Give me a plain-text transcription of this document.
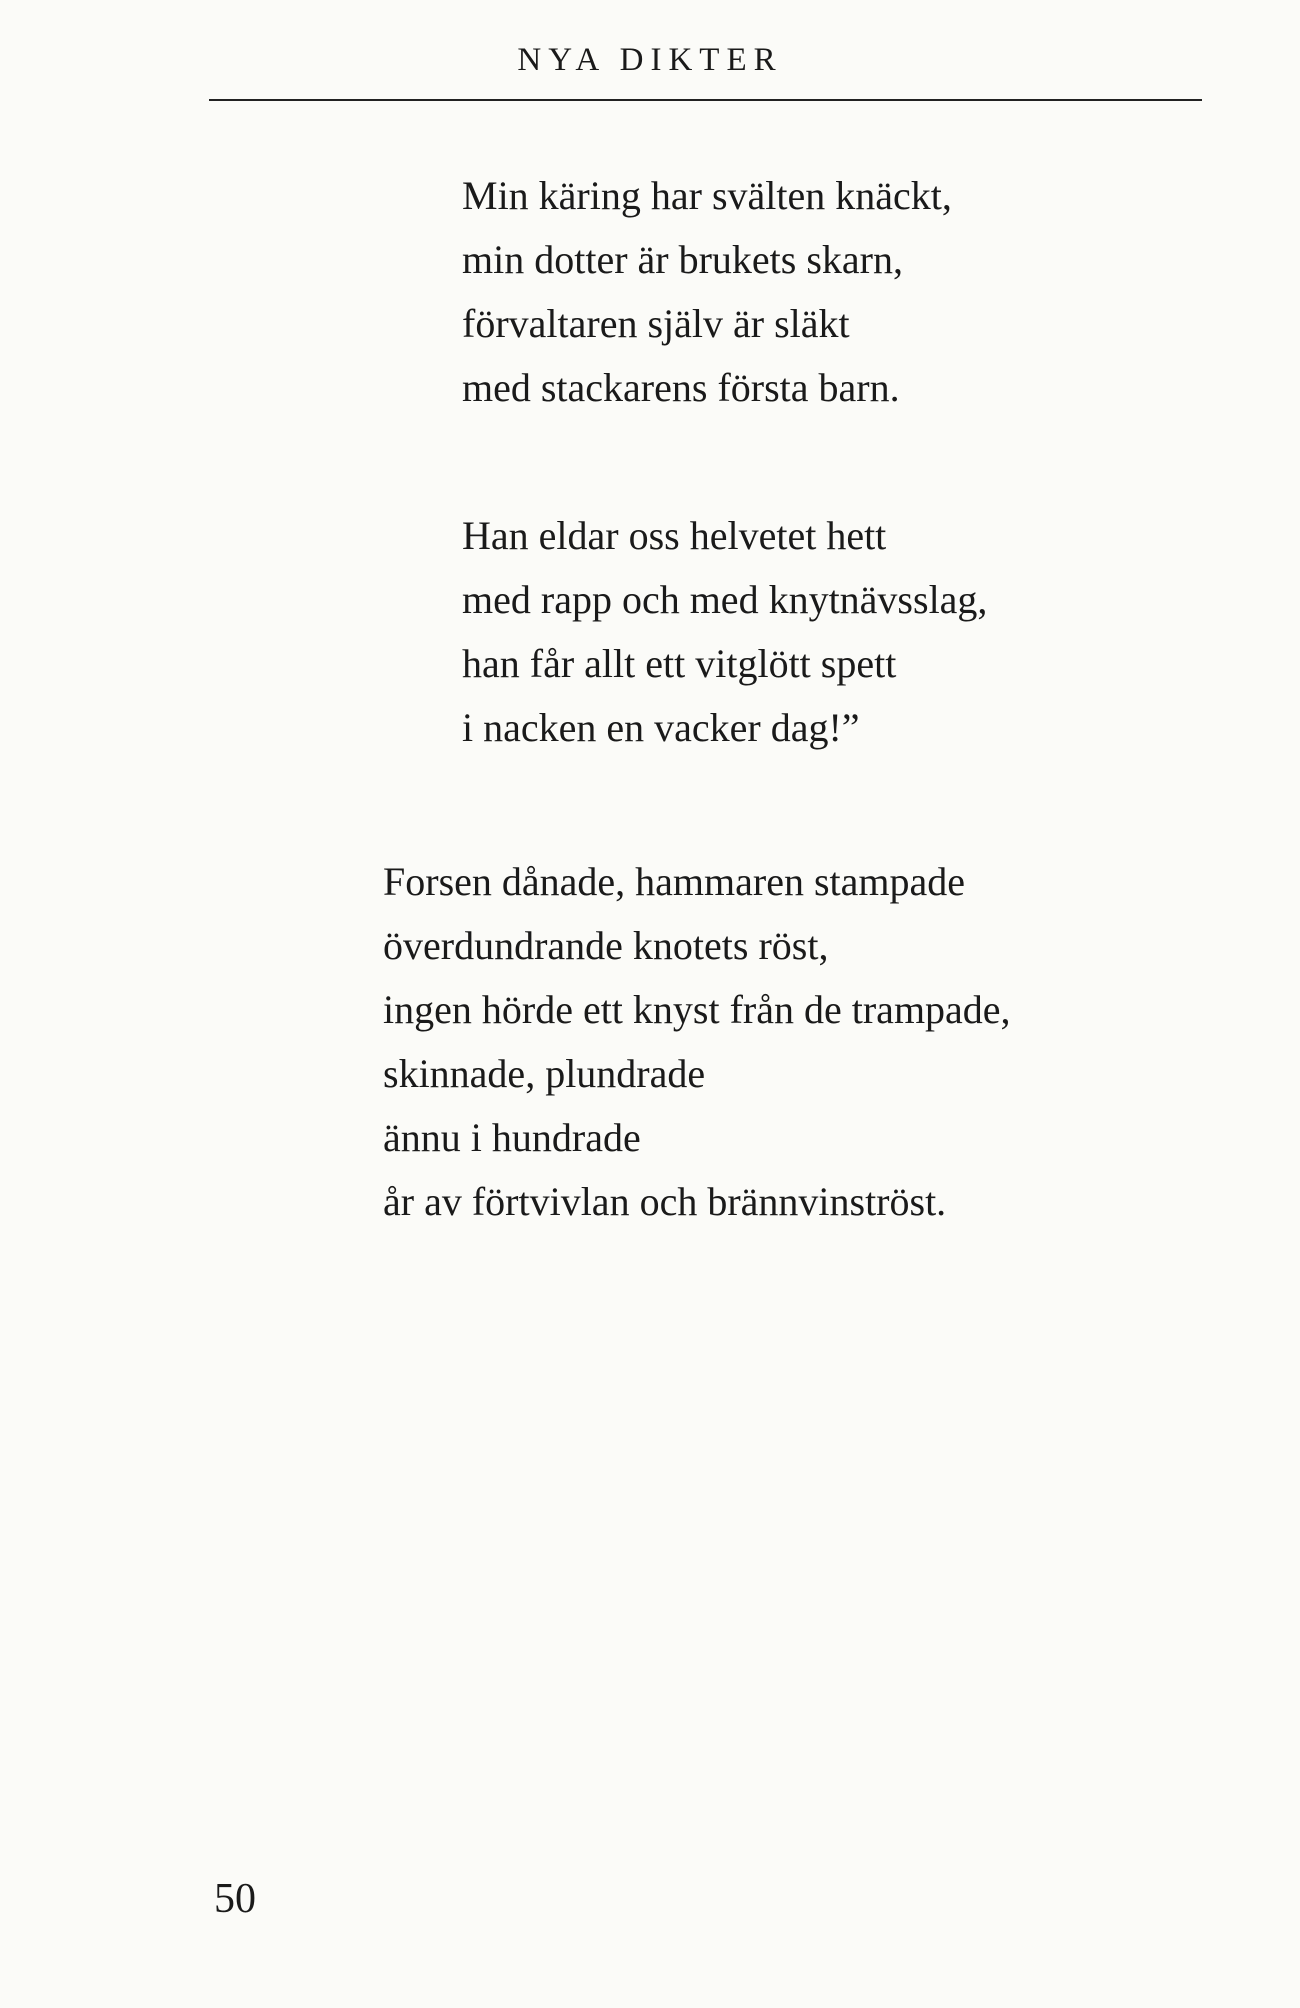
NYA DIKTER
Min käring har svälten knäckt,
min dotter är brukets skarn,
förvaltaren själv är släkt
med stackarens första barn.
Han eldar oss helvetet hett
med rapp och med knytnävsslag,
han får allt ett vitglött spett
i nacken en vacker dag!”
Forsen dånade, hammaren stampade
överdundrande knotets röst,
ingen hörde ett knyst från de trampade,
skinnade, plundrade
ännu i hundrade
år av förtvivlan och brännvinströst.
50
